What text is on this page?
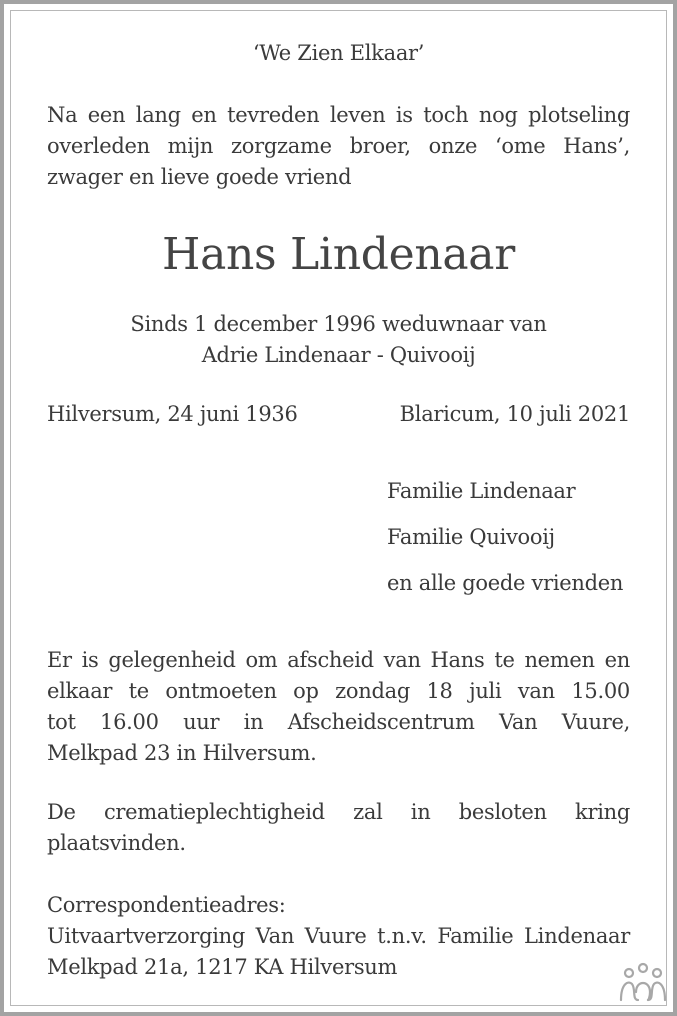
‘We Zien Elkaar’
Na een lang en tevreden leven is toch nog plotseling
overleden mijn zorgzame broer, onze ‘ome Hans’,
zwager en lieve goede vriend
Hans Lindenaar
Sinds 1 december 1996 weduwnaar van
Adrie Lindenaar - Quivooij
Hilversum, 24 juni 1936	Blaricum, 10 juli 2021
Familie Lindenaar
Familie Quivooij
en alle goede vrienden
Er is gelegenheid om afscheid van Hans te nemen en
elkaar te ontmoeten op zondag 18 juli van 15.00
tot 16.00 uur in Afscheidscentrum Van Vuure,
Melkpad 23 in Hilversum.
De crematieplechtigheid zal in besloten kring
plaatsvinden.
Correspondentieadres:
Uitvaartverzorging Van Vuure t.n.v. Familie Lindenaar
Melkpad 21a, 1217 KA Hilversum
